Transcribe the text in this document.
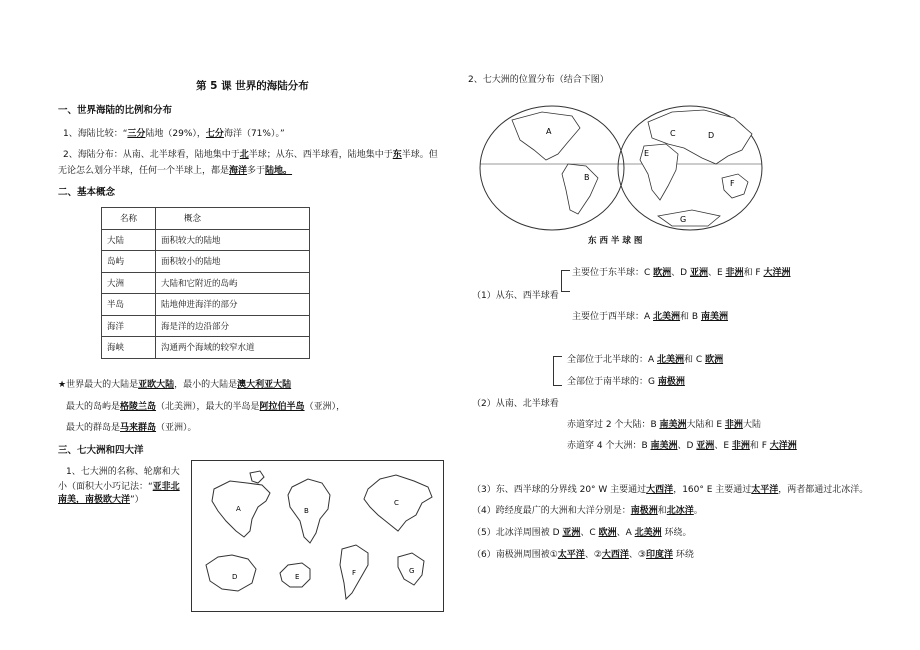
第 5 课 世界的海陆分布
一、世界海陆的比例和分布
1、海陆比较：“三分陆地（29%），七分海洋（71%）。”
2、海陆分布：从南、北半球看，陆地集中于北半球；从东、西半球看，陆地集中于东半球。但
无论怎么划分半球，任何一个半球上，都是海洋多于陆地。
二、基本概念
名称	概念
大陆	面积较大的陆地
岛屿	面积较小的陆地
大洲	大陆和它附近的岛屿
半岛	陆地伸进海洋的部分
海洋	海是洋的边沿部分
海峡	沟通两个海域的较窄水道
★世界最大的大陆是亚欧大陆，最小的大陆是澳大利亚大陆
最大的岛屿是格陵兰岛（北美洲），最大的半岛是阿拉伯半岛（亚洲），
最大的群岛是马来群岛（亚洲）。
三、七大洲和四大洋
1、七大洲的名称、轮廓和大
小（面积大小巧记法：“亚非北
南美，南极欧大洋”）
A	B
C
D	E	F	G
2、七大洲的位置分布（结合下图）
A
B
C	D
E
F
G
东 西 半 球 图
主要位于东半球：C 欧洲、D 亚洲、E 非洲和 F 大洋洲
（1）从东、西半球看
主要位于西半球：A 北美洲和 B 南美洲
全部位于北半球的：A 北美洲和 C 欧洲
全部位于南半球的：G 南极洲
（2）从南、北半球看
赤道穿过 2 个大陆：B 南美洲大陆和 E 非洲大陆
赤道穿 4 个大洲：B 南美洲、D 亚洲、E 非洲和 F 大洋洲
（3）东、西半球的分界线 20° W 主要通过大西洋，160° E 主要通过太平洋，两者都通过北冰洋。
（4）跨经度最广的大洲和大洋分别是：南极洲和北冰洋。
（5）北冰洋周围被 D 亚洲、C 欧洲、A 北美洲 环绕。
（6）南极洲周围被①太平洋、②大西洋、③印度洋 环绕
